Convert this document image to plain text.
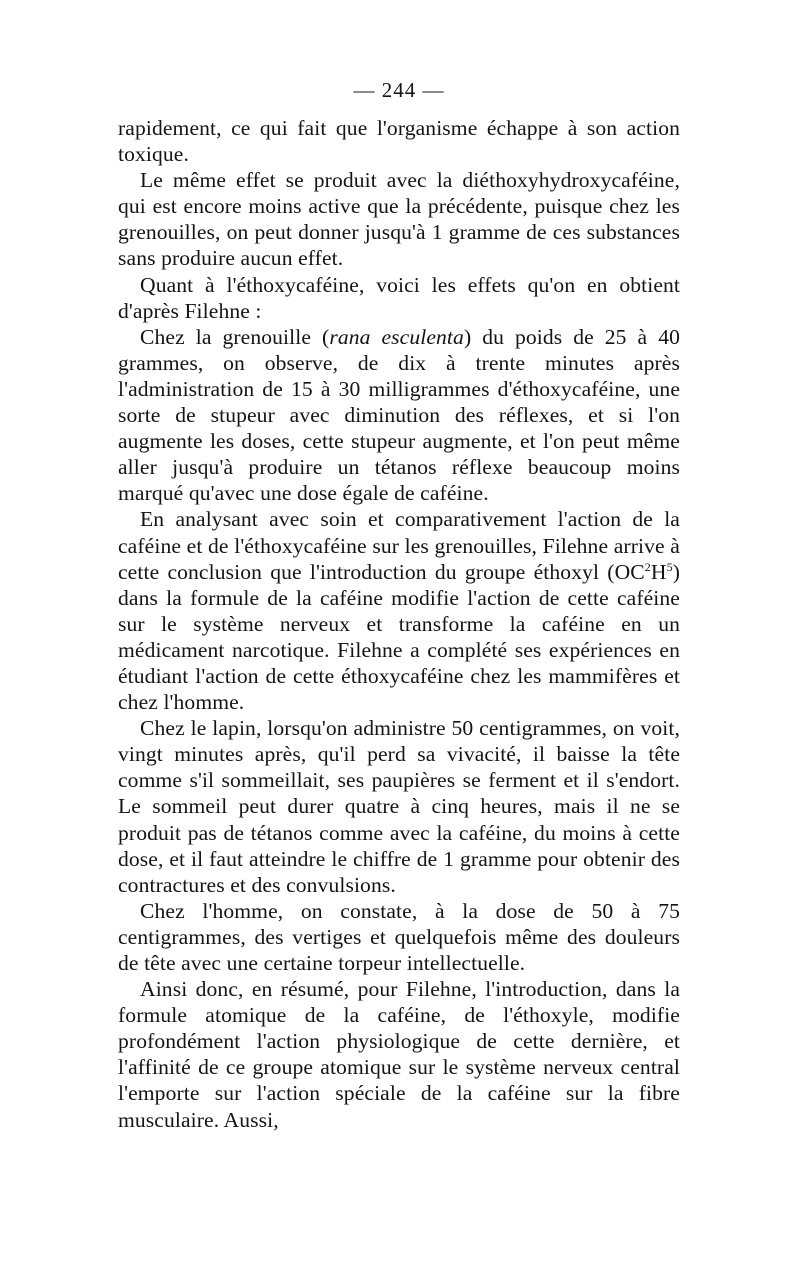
— 244 —

rapidement, ce qui fait que l'organisme échappe à son action toxique.

Le même effet se produit avec la diéthoxyhydroxycaféine, qui est encore moins active que la précédente, puisque chez les grenouilles, on peut donner jusqu'à 1 gramme de ces substances sans produire aucun effet.

Quant à l'éthoxycaféine, voici les effets qu'on en obtient d'après Filehne :

Chez la grenouille (rana esculenta) du poids de 25 à 40 grammes, on observe, de dix à trente minutes après l'administration de 15 à 30 milligrammes d'éthoxycaféine, une sorte de stupeur avec diminution des réflexes, et si l'on augmente les doses, cette stupeur augmente, et l'on peut même aller jusqu'à produire un tétanos réflexe beaucoup moins marqué qu'avec une dose égale de caféine.

En analysant avec soin et comparativement l'action de la caféine et de l'éthoxycaféine sur les grenouilles, Filehne arrive à cette conclusion que l'introduction du groupe éthoxyl $(OC^2H^5)$ dans la formule de la caféine modifie l'action de cette caféine sur le système nerveux et transforme la caféine en un médicament narcotique. Filehne a complété ses expériences en étudiant l'action de cette éthoxycaféine chez les mammifères et chez l'homme.

Chez le lapin, lorsqu'on administre 50 centigrammes, on voit, vingt minutes après, qu'il perd sa vivacité, il baisse la tête comme s'il sommeillait, ses paupières se ferment et il s'endort. Le sommeil peut durer quatre à cinq heures, mais il ne se produit pas de tétanos comme avec la caféine, du moins à cette dose, et il faut atteindre le chiffre de 1 gramme pour obtenir des contractures et des convulsions.

Chez l'homme, on constate, à la dose de 50 à 75 centigrammes, des vertiges et quelquefois même des douleurs de tête avec une certaine torpeur intellectuelle.

Ainsi donc, en résumé, pour Filehne, l'introduction, dans la formule atomique de la caféine, de l'éthoxyle, modifie profondément l'action physiologique de cette dernière, et l'affinité de ce groupe atomique sur le système nerveux central l'emporte sur l'action spéciale de la caféine sur la fibre musculaire. Aussi,
